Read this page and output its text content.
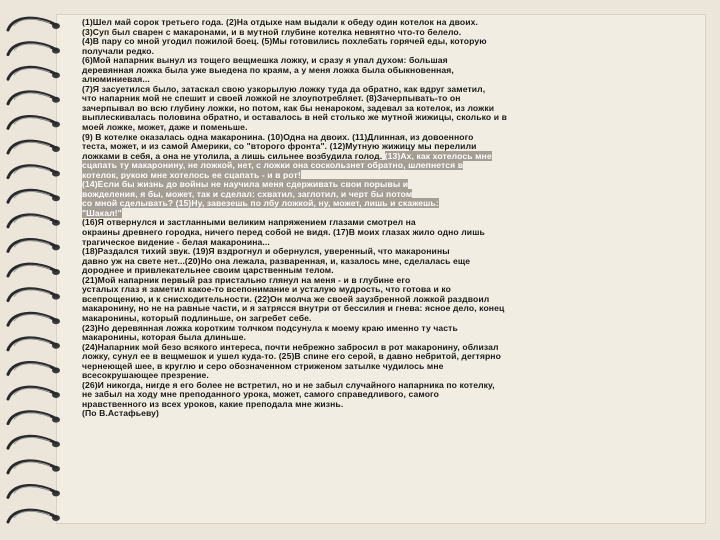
(1)Шел май сорок третьего года. (2)На отдыхе нам выдали к обеду один котелок на двоих.

(3)Суп был сварен с макаронами, и в мутной глубине котелка невнятно что-то белело.

(4)В пару со мной угодил пожилой боец. (5)Мы готовились похлебать горячей еды, которую

получали редко.

(6)Мой напарник вынул из тощего вещмешка ложку, и сразу я упал духом: большая

деревянная ложка была уже выедена по краям, а у меня ложка была обыкновенная,

алюминиевая...

(7)Я засуетился было, затаскал свою узкорылую ложку туда да обратно, как вдруг заметил,

что напарник мой не спешит и своей ложкой не злоупотребляет. (8)Зачерпывать-то он

зачерпывал во всю глубину ложки, но потом, как бы ненароком, задевал за котелок, из ложки

выплескивалась половина обратно, и оставалось в ней столько же мутной жижицы, сколько и в

моей ложке, может, даже и поменьше.

(9) В котелке оказалась одна макаронина. (10)Одна на двоих. (11)Длинная, из довоенного

теста, может, и из самой Америки, со "второго фронта". (12)Мутную жижицу мы перелили

ложками в себя, а она не утолила, а лишь сильнее возбудила голод. (13)Ах, как хотелось мне

сцапать ту макаронину, не ложкой, нет, с ложки она соскользнет обратно, шлепнется в

котелок, рукою мне хотелось ее сцапать - и в рот!

(14)Если бы жизнь до войны не научила меня сдерживать свои порывы и

вожделения, я бы, может, так и сделал: схватил, заглотил, и черт бы потом

со мной сделывать? (15)Ну, завезешь по лбу ложкой, ну, может, лишь и скажешь:

"Шакал!"

(16)Я отвернулся и застланными великим напряжением глазами смотрел на

окраины древнего городка, ничего перед собой не видя. (17)В моих глазах жило одно лишь

трагическое видение - белая макаронина...

(18)Раздался тихий звук. (19)Я вздрогнул и обернулся, уверенный, что макаронины

давно уж на свете нет...(20)Но она лежала, разваренная, и, казалось мне, сделалась еще

дороднее и привлекательнее своим царственным телом.

(21)Мой напарник первый раз пристально глянул на меня - и в глубине его

усталых глаз я заметил какое-то всепонимание и усталую мудрость, что готова и ко

всепрощению, и к снисходительности. (22)Он молча же своей заузбренной ложкой раздвоил

макаронину, но не на равные части, и я затрясся внутри от бессилия и гнева: ясное дело, конец

макаронины, который подлиньше, он загребет себе.

(23)Но деревянная ложка коротким толчком подсунула к моему краю именно ту часть

макаронины, которая была длиньше.

(24)Напарник мой безо всякого интереса, почти небрежно забросил в рот макаронину, облизал

ложку, сунул ее в вещмешок и ушел куда-то. (25)В спине его серой, в давно небритой, дегтярно

чернеющей шее, в круглю и серо обозначенном стриженом затылке чудилось мне

всесокрушающее презрение.

(26)И никогда, нигде я его более не встретил, но и не забыл случайного напарника по котелку,

не забыл на ходу мне преподанного урока, может, самого справедливого, самого

нравственного из всех уроков, какие преподала мне жизнь.

(По В.Астафьеву)
